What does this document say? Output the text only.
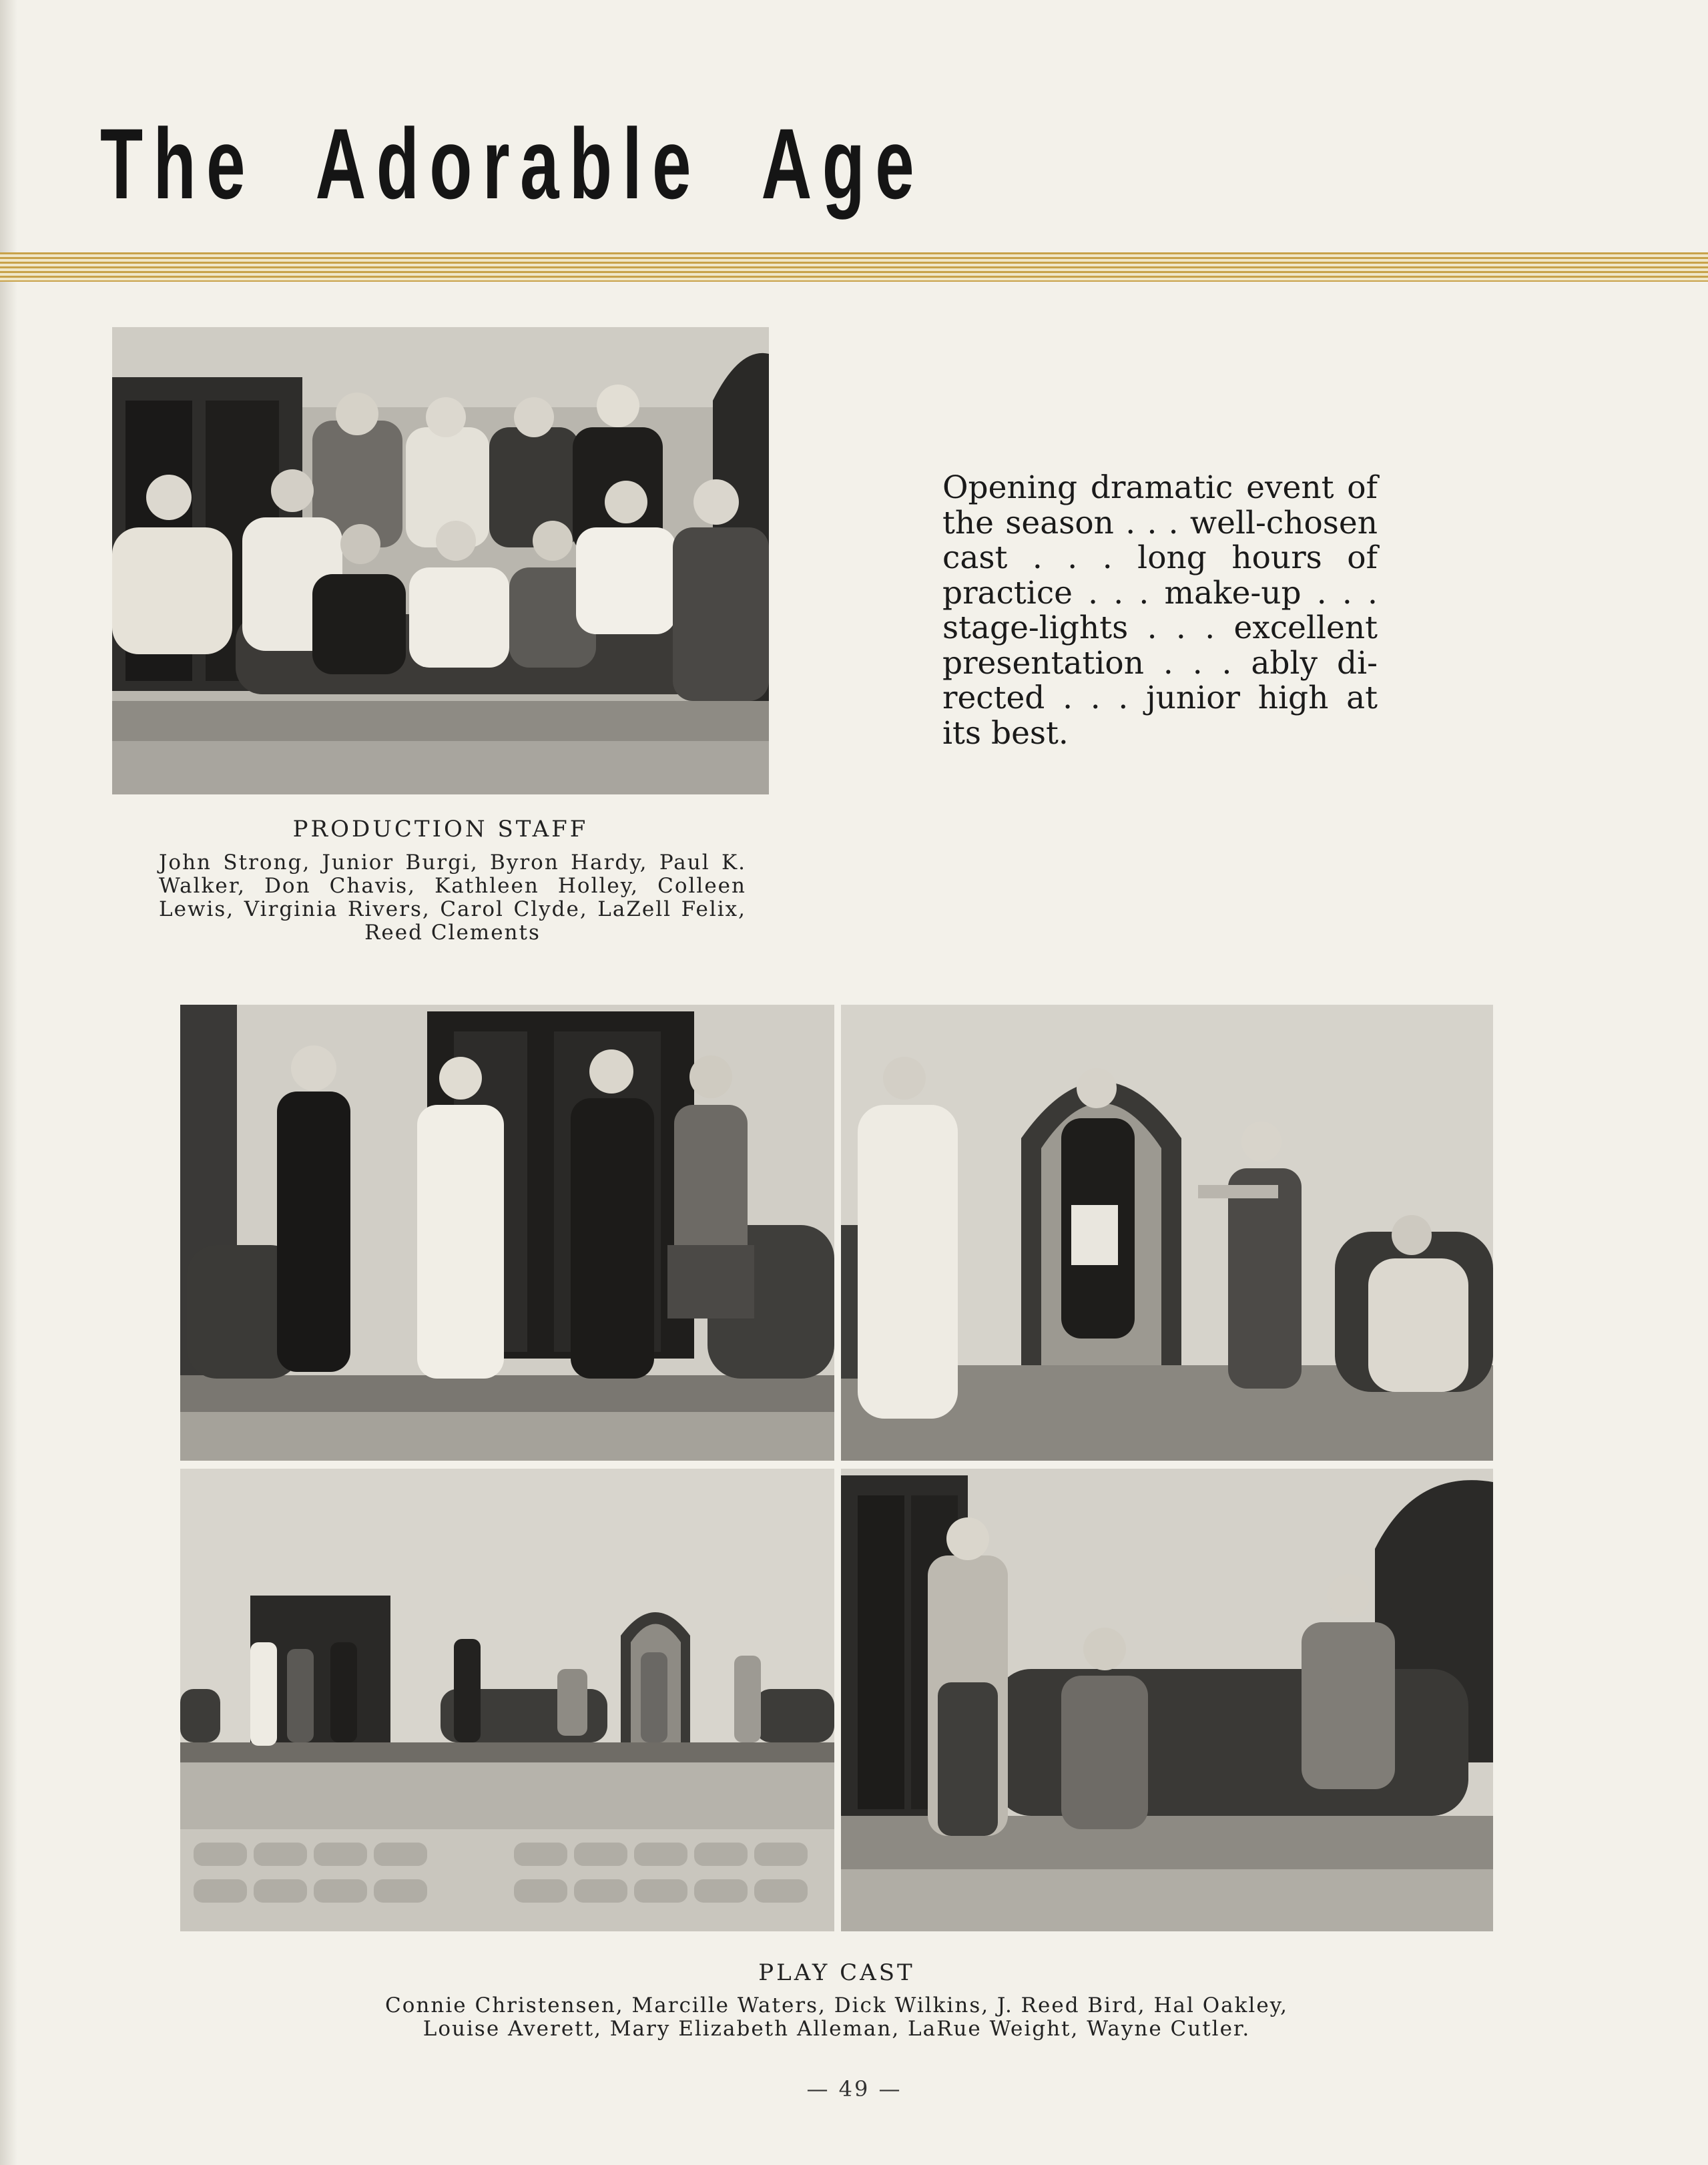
The Adorable Age
PRODUCTION STAFF
John Strong, Junior Burgi, Byron Hardy, Paul K. Walker, Don Chavis, Kathleen Holley, Colleen Lewis, Virginia Rivers, Carol Clyde, LaZell Felix, Reed Clements
Opening dramatic event of the season . . . well-chosen cast . . . long hours of practice . . . make-up . . . stage-lights . . . excellent presentation . . . ably di-rected . . . junior high at its best.
PLAY CAST
Connie Christensen, Marcille Waters, Dick Wilkins, J. Reed Bird, Hal Oakley,
Louise Averett, Mary Elizabeth Alleman, LaRue Weight, Wayne Cutler.
— 49 —
